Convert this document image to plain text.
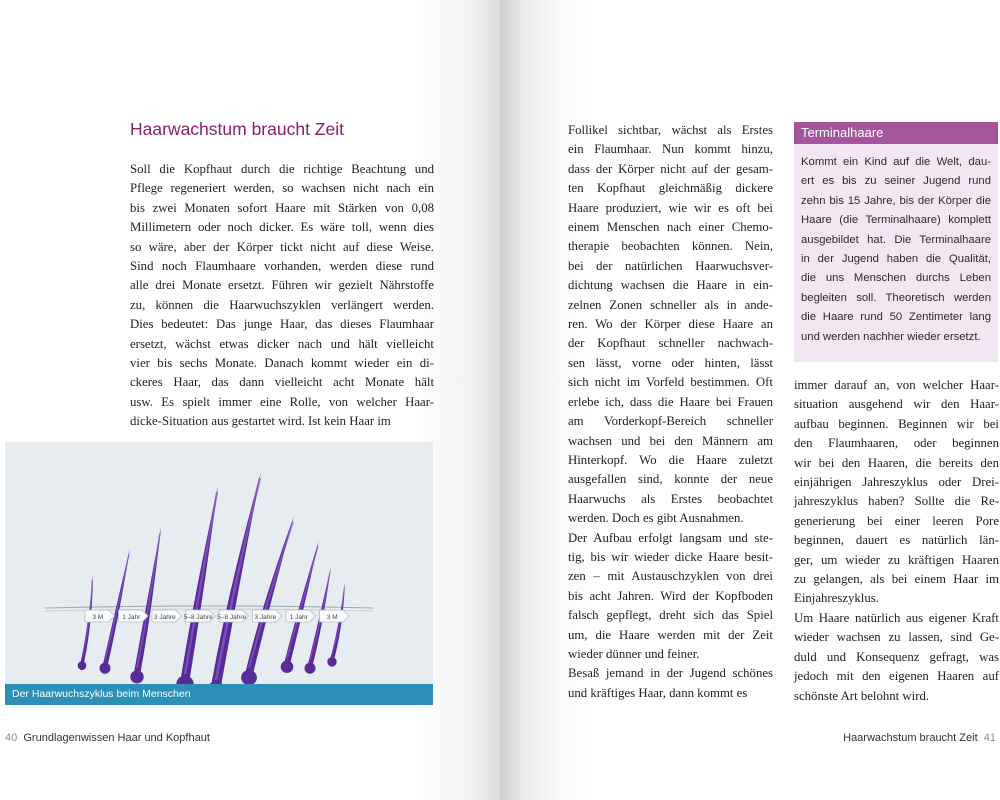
Haarwachstum braucht Zeit

Soll die Kopfhaut durch die richtige Beachtung und

Pflege regeneriert werden, so wachsen nicht nach ein

bis zwei Monaten sofort Haare mit Stärken von 0,08

Millimetern oder noch dicker. Es wäre toll, wenn dies

so wäre, aber der Körper tickt nicht auf diese Weise.

Sind noch Flaumhaare vorhanden, werden diese rund

alle drei Monate ersetzt. Führen wir gezielt Nährstoffe

zu, können die Haarwuchszyklen verlängert werden.

Dies bedeutet: Das junge Haar, das dieses Flaumhaar

ersetzt, wächst etwas dicker nach und hält vielleicht

vier bis sechs Monate. Danach kommt wieder ein di-

ckeres Haar, das dann vielleicht acht Monate hält

usw. Es spielt immer eine Rolle, von welcher Haar-

dicke-Situation aus gestartet wird. Ist kein Haar im

3 M	1 Jahr 3 Jahre 5–8 Jahre 5–8 Jahre 3 Jahre 1 Jahr	3 M
Der Haarwuchszyklus beim Menschen
40 Grundlagenwissen Haar und Kopfhaut

Follikel sichtbar, wächst als Erstes

ein Flaumhaar. Nun kommt hinzu,

dass der Körper nicht auf der gesam-

ten Kopfhaut gleichmäßig dickere

Haare produziert, wie wir es oft bei

einem Menschen nach einer Chemo-

therapie beobachten können. Nein,

bei der natürlichen Haarwuchsver-

dichtung wachsen die Haare in ein-

zelnen Zonen schneller als in ande-

ren. Wo der Körper diese Haare an

der Kopfhaut schneller nachwach-

sen lässt, vorne oder hinten, lässt

sich nicht im Vorfeld bestimmen. Oft

erlebe ich, dass die Haare bei Frauen

am Vorderkopf-Bereich schneller

wachsen und bei den Männern am

Hinterkopf. Wo die Haare zuletzt

ausgefallen sind, konnte der neue

Haarwuchs als Erstes beobachtet

werden. Doch es gibt Ausnahmen.

Der Aufbau erfolgt langsam und ste-

tig, bis wir wieder dicke Haare besit-

zen – mit Austauschzyklen von drei

bis acht Jahren. Wird der Kopfboden

falsch gepflegt, dreht sich das Spiel

um, die Haare werden mit der Zeit

wieder dünner und feiner.

Besaß jemand in der Jugend schönes

und kräftiges Haar, dann kommt es

Terminalhaare

Kommt ein Kind auf die Welt, dau-

ert es bis zu seiner Jugend rund

zehn bis 15 Jahre, bis der Körper die

Haare (die Terminalhaare) komplett

ausgebildet hat. Die Terminalhaare

in der Jugend haben die Qualität,

die uns Menschen durchs Leben

begleiten soll. Theoretisch werden

die Haare rund 50 Zentimeter lang

und werden nachher wieder ersetzt.

immer darauf an, von welcher Haar-

situation ausgehend wir den Haar-

aufbau beginnen. Beginnen wir bei

den Flaumhaaren, oder beginnen

wir bei den Haaren, die bereits den

einjährigen Jahreszyklus oder Drei-

jahreszyklus haben? Sollte die Re-

generierung bei einer leeren Pore

beginnen, dauert es natürlich län-

ger, um wieder zu kräftigen Haaren

zu gelangen, als bei einem Haar im

Einjahreszyklus.

Um Haare natürlich aus eigener Kraft

wieder wachsen zu lassen, sind Ge-

duld und Konsequenz gefragt, was

jedoch mit den eigenen Haaren auf

schönste Art belohnt wird.

Haarwachstum braucht Zeit 41
